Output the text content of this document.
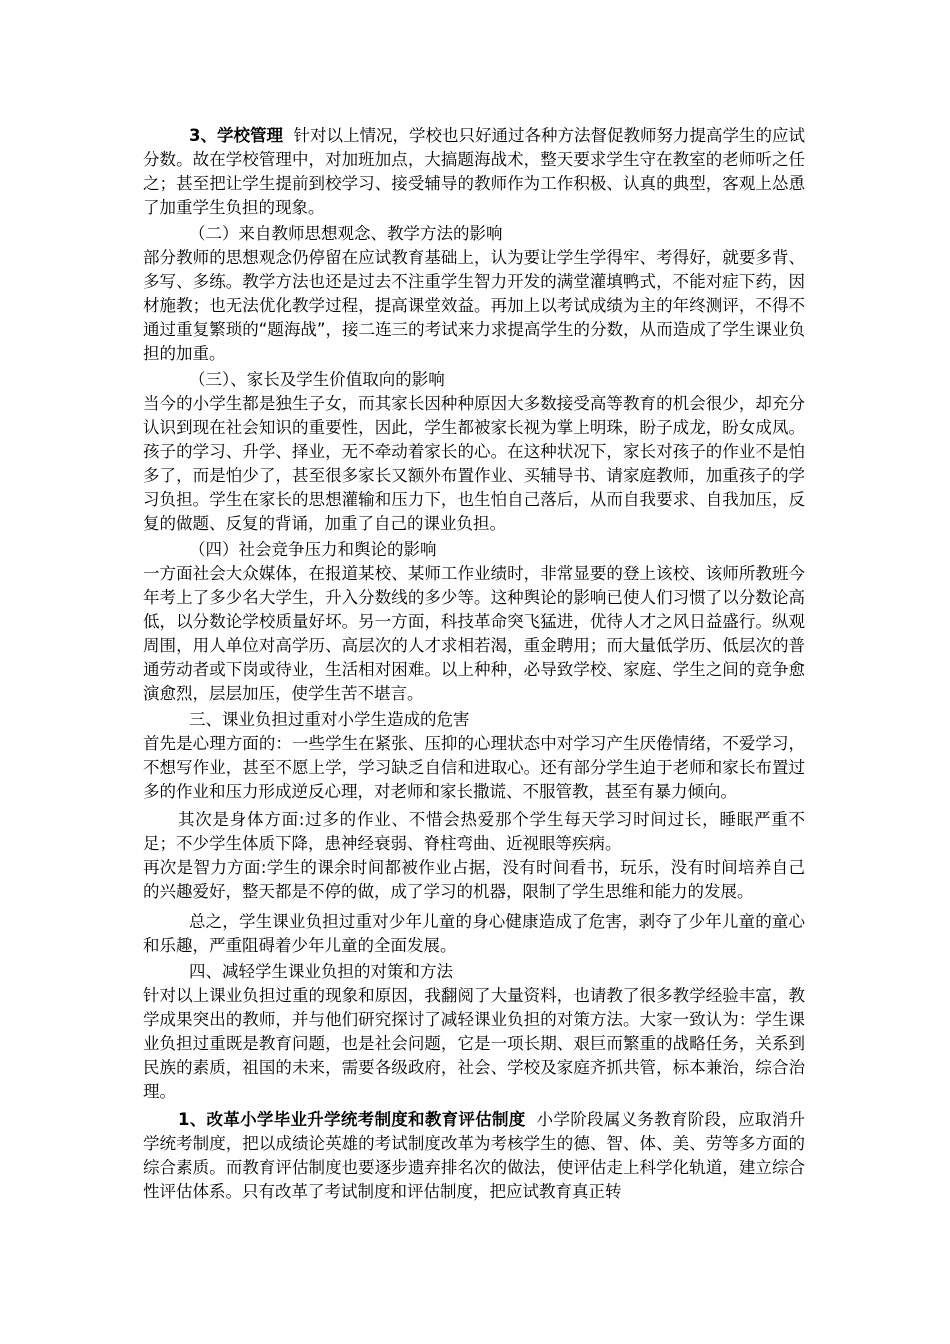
3、学校管理 针对以上情况，学校也只好通过各种方法督促教师努力提高学生的应试分数。故在学校管理中，对加班加点，大搞题海战术，整天要求学生守在教室的老师听之任之；甚至把让学生提前到校学习、接受辅导的教师作为工作积极、认真的典型，客观上怂恿了加重学生负担的现象。

（二）来自教师思想观念、教学方法的影响

部分教师的思想观念仍停留在应试教育基础上，认为要让学生学得牢、考得好，就要多背、多写、多练。教学方法也还是过去不注重学生智力开发的满堂灌填鸭式，不能对症下药，因材施教；也无法优化教学过程，提高课堂效益。再加上以考试成绩为主的年终测评，不得不通过重复繁琐的“题海战”，接二连三的考试来力求提高学生的分数，从而造成了学生课业负担的加重。

（三）、家长及学生价值取向的影响

当今的小学生都是独生子女，而其家长因种种原因大多数接受高等教育的机会很少，却充分认识到现在社会知识的重要性，因此，学生都被家长视为掌上明珠，盼子成龙，盼女成凤。孩子的学习、升学、择业，无不牵动着家长的心。在这种状况下，家长对孩子的作业不是怕多了，而是怕少了，甚至很多家长又额外布置作业、买辅导书、请家庭教师，加重孩子的学习负担。学生在家长的思想灌输和压力下，也生怕自己落后，从而自我要求、自我加压，反复的做题、反复的背诵，加重了自己的课业负担。

（四）社会竞争压力和舆论的影响

一方面社会大众媒体，在报道某校、某师工作业绩时，非常显要的登上该校、该师所教班今年考上了多少名大学生，升入分数线的多少等。这种舆论的影响已使人们习惯了以分数论高低，以分数论学校质量好坏。另一方面，科技革命突飞猛进，优待人才之风日益盛行。纵观周围，用人单位对高学历、高层次的人才求相若渴，重金聘用；而大量低学历、低层次的普通劳动者或下岗或待业，生活相对困难。以上种种，必导致学校、家庭、学生之间的竞争愈演愈烈，层层加压，使学生苦不堪言。

三、课业负担过重对小学生造成的危害

首先是心理方面的：一些学生在紧张、压抑的心理状态中对学习产生厌倦情绪，不爱学习，不想写作业，甚至不愿上学，学习缺乏自信和进取心。还有部分学生迫于老师和家长布置过多的作业和压力形成逆反心理，对老师和家长撒谎、不服管教，甚至有暴力倾向。

其次是身体方面:过多的作业、不惜会热爱那个学生每天学习时间过长，睡眠严重不足；不少学生体质下降，患神经衰弱、脊柱弯曲、近视眼等疾病。

再次是智力方面:学生的课余时间都被作业占据，没有时间看书，玩乐，没有时间培养自己的兴趣爱好，整天都是不停的做，成了学习的机器，限制了学生思维和能力的发展。

总之，学生课业负担过重对少年儿童的身心健康造成了危害，剥夺了少年儿童的童心和乐趣，严重阻碍着少年儿童的全面发展。

四、减轻学生课业负担的对策和方法

针对以上课业负担过重的现象和原因，我翻阅了大量资料，也请教了很多教学经验丰富，教学成果突出的教师，并与他们研究探讨了减轻课业负担的对策方法。大家一致认为：学生课业负担过重既是教育问题，也是社会问题，它是一项长期、艰巨而繁重的战略任务，关系到民族的素质，祖国的未来，需要各级政府，社会、学校及家庭齐抓共管，标本兼治，综合治理。

1、改革小学毕业升学统考制度和教育评估制度 小学阶段属义务教育阶段，应取消升学统考制度，把以成绩论英雄的考试制度改革为考核学生的德、智、体、美、劳等多方面的综合素质。而教育评估制度也要逐步遗弃排名次的做法，使评估走上科学化轨道，建立综合性评估体系。只有改革了考试制度和评估制度，把应试教育真正转
